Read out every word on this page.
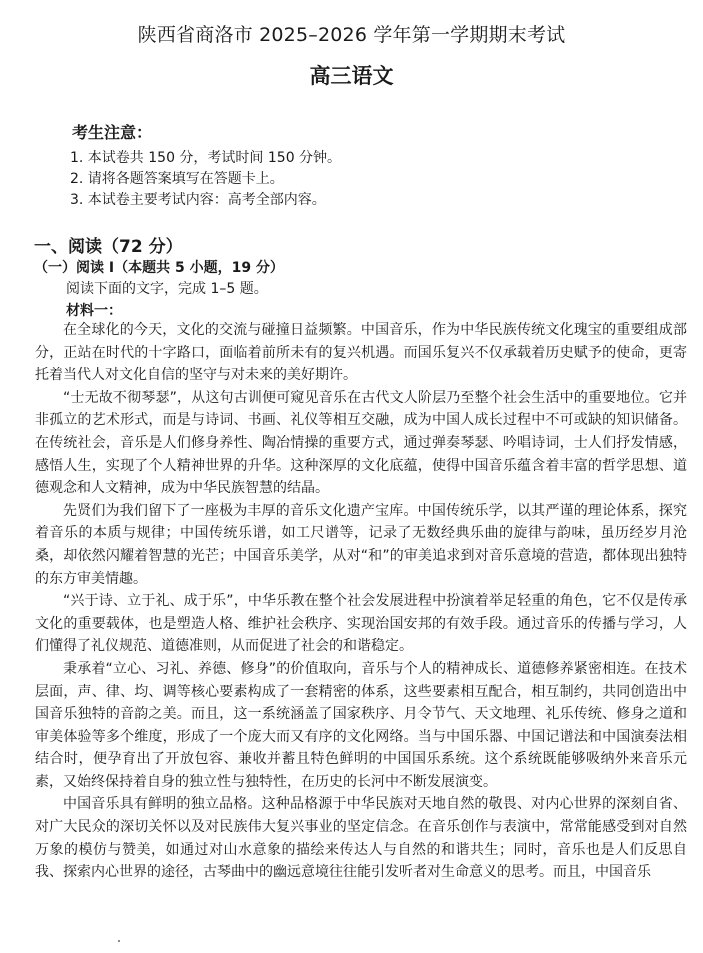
陕西省商洛市 2025–2026 学年第一学期期末考试
高三语文
考生注意：
1. 本试卷共 150 分，考试时间 150 分钟。
2. 请将各题答案填写在答题卡上。
3. 本试卷主要考试内容：高考全部内容。
一、阅读（72 分）
（一）阅读 I（本题共 5 小题，19 分）
阅读下面的文字，完成 1–5 题。
材料一：

在全球化的今天，文化的交流与碰撞日益频繁。中国音乐，作为中华民族传统文化瑰宝的重要组成部分，正站在时代的十字路口，面临着前所未有的复兴机遇。而国乐复兴不仅承载着历史赋予的使命，更寄托着当代人对文化自信的坚守与对未来的美好期许。

“士无故不彻琴瑟”，从这句古训便可窥见音乐在古代文人阶层乃至整个社会生活中的重要地位。它并非孤立的艺术形式，而是与诗词、书画、礼仪等相互交融，成为中国人成长过程中不可或缺的知识储备。在传统社会，音乐是人们修身养性、陶冶情操的重要方式，通过弹奏琴瑟、吟唱诗词，士人们抒发情感，感悟人生，实现了个人精神世界的升华。这种深厚的文化底蕴，使得中国音乐蕴含着丰富的哲学思想、道德观念和人文精神，成为中华民族智慧的结晶。

先贤们为我们留下了一座极为丰厚的音乐文化遗产宝库。中国传统乐学，以其严谨的理论体系，探究着音乐的本质与规律；中国传统乐谱，如工尺谱等，记录了无数经典乐曲的旋律与韵味，虽历经岁月沧桑，却依然闪耀着智慧的光芒；中国音乐美学，从对“和”的审美追求到对音乐意境的营造，都体现出独特的东方审美情趣。

“兴于诗、立于礼、成于乐”，中华乐教在整个社会发展进程中扮演着举足轻重的角色，它不仅是传承文化的重要载体，也是塑造人格、维护社会秩序、实现治国安邦的有效手段。通过音乐的传播与学习，人们懂得了礼仪规范、道德准则，从而促进了社会的和谐稳定。

秉承着“立心、习礼、养德、修身”的价值取向，音乐与个人的精神成长、道德修养紧密相连。在技术层面，声、律、均、调等核心要素构成了一套精密的体系，这些要素相互配合，相互制约，共同创造出中国音乐独特的音韵之美。而且，这一系统涵盖了国家秩序、月令节气、天文地理、礼乐传统、修身之道和审美体验等多个维度，形成了一个庞大而又有序的文化网络。当与中国乐器、中国记谱法和中国演奏法相结合时，便孕育出了开放包容、兼收并蓄且特色鲜明的中国国乐系统。这个系统既能够吸纳外来音乐元素，又始终保持着自身的独立性与独特性，在历史的长河中不断发展演变。

中国音乐具有鲜明的独立品格。这种品格源于中华民族对天地自然的敬畏、对内心世界的深刻自省、对广大民众的深切关怀以及对民族伟大复兴事业的坚定信念。在音乐创作与表演中，常常能感受到对自然万象的模仿与赞美，如通过对山水意象的描绘来传达人与自然的和谐共生；同时，音乐也是人们反思自我、探索内心世界的途径，古琴曲中的幽远意境往往能引发听者对生命意义的思考。而且，中国音乐
